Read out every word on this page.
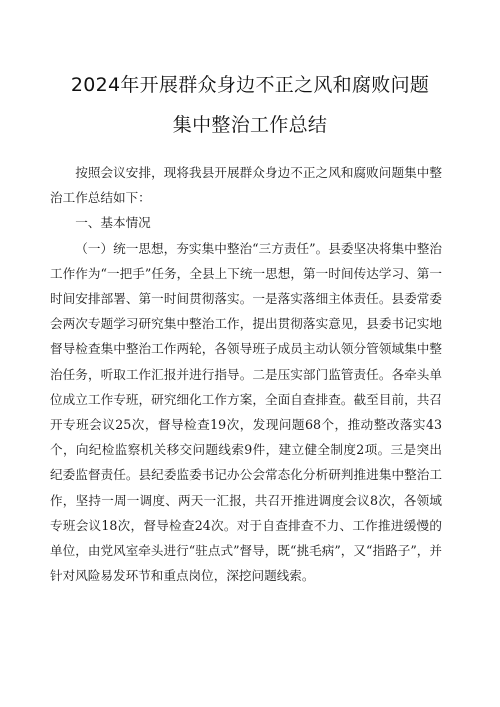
2024年开展群众身边不正之风和腐败问题
集中整治工作总结

按照会议安排，现将我县开展群众身边不正之风和腐败问题集中整治工作总结如下：

一、基本情况

（一）统一思想，夯实集中整治“三方责任”。县委坚决将集中整治工作作为“一把手”任务，全县上下统一思想，第一时间传达学习、第一时间安排部署、第一时间贯彻落实。一是落实落细主体责任。县委常委会两次专题学习研究集中整治工作，提出贯彻落实意见，县委书记实地督导检查集中整治工作两轮，各领导班子成员主动认领分管领域集中整治任务，听取工作汇报并进行指导。二是压实部门监管责任。各牵头单位成立工作专班，研究细化工作方案，全面自查排查。截至目前，共召开专班会议25次，督导检查19次，发现问题68个，推动整改落实43个，向纪检监察机关移交问题线索9件，建立健全制度2项。三是突出纪委监督责任。县纪委监委书记办公会常态化分析研判推进集中整治工作，坚持一周一调度、两天一汇报，共召开推进调度会议8次，各领域专班会议18次，督导检查24次。对于自查排查不力、工作推进缓慢的单位，由党风室牵头进行“驻点式”督导，既“挑毛病”，又“指路子”，并针对风险易发环节和重点岗位，深挖问题线索。
